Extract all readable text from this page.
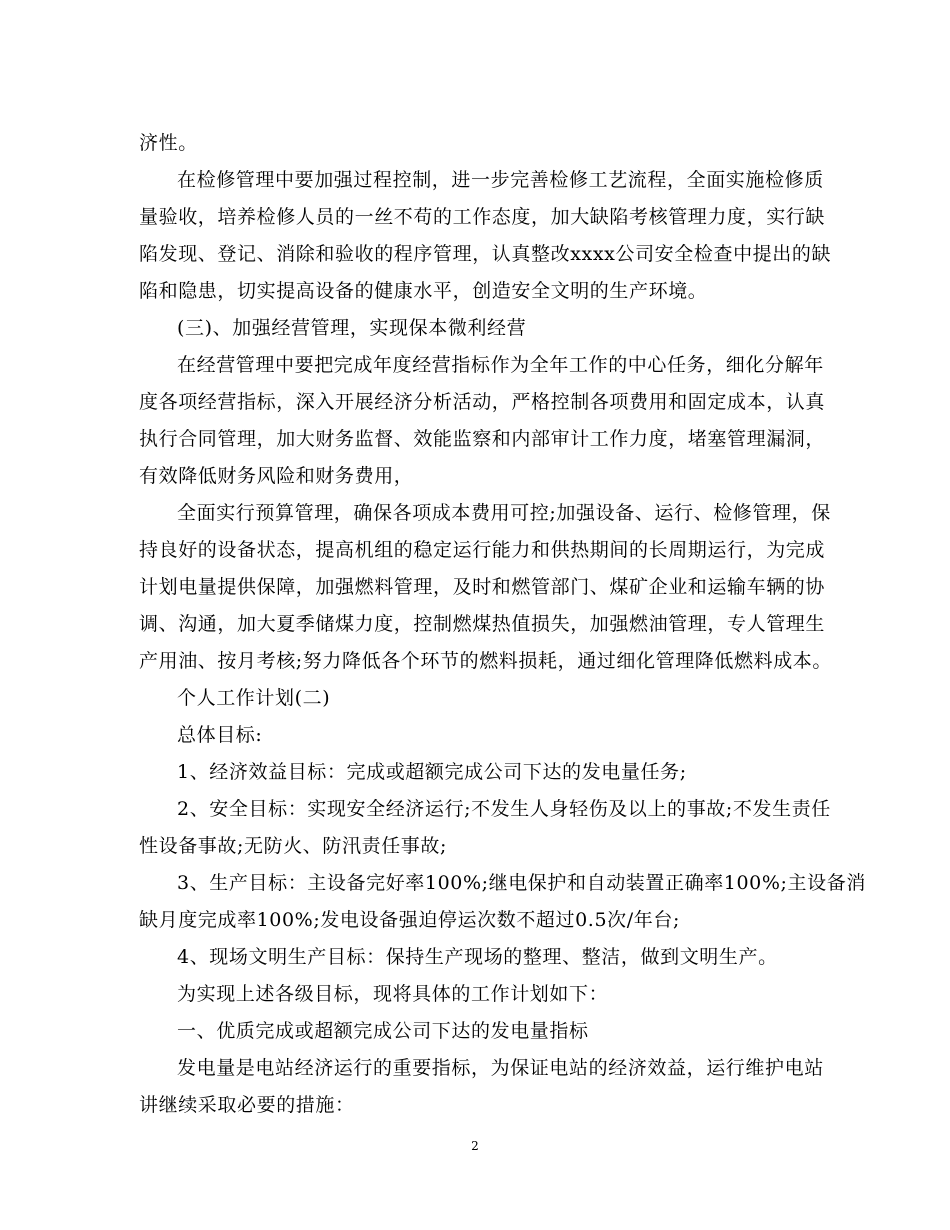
济性。
在检修管理中要加强过程控制，进一步完善检修工艺流程，全面实施检修质
量验收，培养检修人员的一丝不苟的工作态度，加大缺陷考核管理力度，实行缺
陷发现、登记、消除和验收的程序管理，认真整改xxxx公司安全检查中提出的缺
陷和隐患，切实提高设备的健康水平，创造安全文明的生产环境。
(三)、加强经营管理，实现保本微利经营
在经营管理中要把完成年度经营指标作为全年工作的中心任务，细化分解年
度各项经营指标，深入开展经济分析活动，严格控制各项费用和固定成本，认真
执行合同管理，加大财务监督、效能监察和内部审计工作力度，堵塞管理漏洞，
有效降低财务风险和财务费用，
全面实行预算管理，确保各项成本费用可控;加强设备、运行、检修管理，保
持良好的设备状态，提高机组的稳定运行能力和供热期间的长周期运行，为完成
计划电量提供保障，加强燃料管理，及时和燃管部门、煤矿企业和运输车辆的协
调、沟通，加大夏季储煤力度，控制燃煤热值损失，加强燃油管理，专人管理生
产用油、按月考核;努力降低各个环节的燃料损耗，通过细化管理降低燃料成本。
个人工作计划(二)
总体目标:
1、经济效益目标：完成或超额完成公司下达的发电量任务;
2、安全目标：实现安全经济运行;不发生人身轻伤及以上的事故;不发生责任
性设备事故;无防火、防汛责任事故;
3、生产目标：主设备完好率100%;继电保护和自动装置正确率100%;主设备消
缺月度完成率100%;发电设备强迫停运次数不超过0.5次/年台;
4、现场文明生产目标：保持生产现场的整理、整洁，做到文明生产。
为实现上述各级目标，现将具体的工作计划如下：
一、优质完成或超额完成公司下达的发电量指标
发电量是电站经济运行的重要指标，为保证电站的经济效益，运行维护电站
讲继续采取必要的措施：
2
